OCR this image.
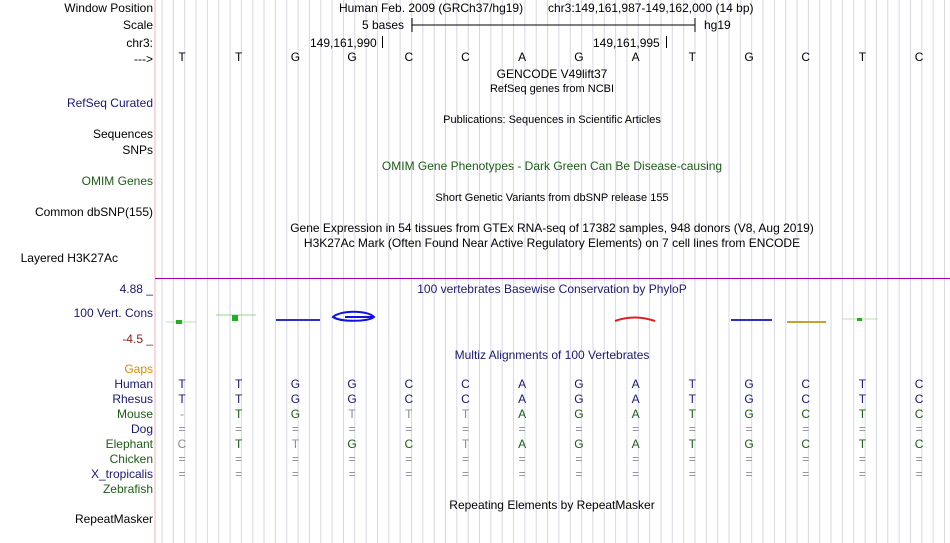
Window Position
Scale
chr3:
--->
Human Feb. 2009 (GRCh37/hg19) chr3:149,161,987-149,162,000 (14 bp)
5 bases	hg19
149,161,990	149,161,995
T	T	G	G	C	C	A	G	A	T	G	C	T	C
GENCODE V49lift37
RefSeq genes from NCBI
RefSeq Curated
Publications: Sequences in Scientific Articles
Sequences
SNPs
OMIM Gene Phenotypes - Dark Green Can Be Disease-causing
OMIM Genes
Short Genetic Variants from dbSNP release 155
Common dbSNP(155)
Gene Expression in 54 tissues from GTEx RNA-seq of 17382 samples, 948 donors (V8, Aug 2019)
H3K27Ac Mark (Often Found Near Active Regulatory Elements) on 7 cell lines from ENCODE
Layered H3K27Ac
4.88 _	100 vertebrates Basewise Conservation by PhyloP
100 Vert. Cons
-4.5 _
Multiz Alignments of 100 Vertebrates
Gaps
Human T	T	G	G	C	C	A	G	A	T	G	C	T	C
Rhesus T	T	G	G	C	C	A	G	A	T	G	C	T	C
Mouse	-	T	G	T	T	T	A	G	A	T	G	C	T	C
Dog =	=	=	=	=	=	=	=	=	=	=	=	=	=
Elephant C	T	T	G	C	T	A	G	A	T	G	C	T	C
Chicken =	=	=	=	=	=	=	=	=	=	=	=	=	=
X_tropicalis =	=	=	=	=	=	=	=	=	=	=	=	=	=
Zebrafish
Repeating Elements by RepeatMasker
RepeatMasker
